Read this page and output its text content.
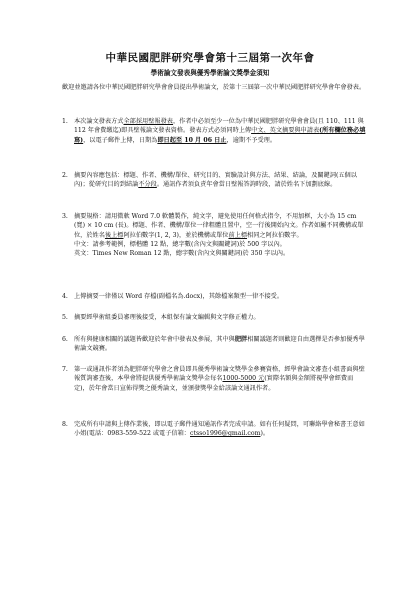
中華民國肥胖研究學會第十三屆第一次年會
學術論文發表與優秀學術論文獎學金須知
歡迎並邀請各位中華民國肥胖研究學會會員提出學術論文，於第十三屆第一次中華民國肥胖研究學會年會發表。
1. 本次論文發表方式全部採用壁報發表，作者中必須至少一位為中華民國肥胖研究學會會員(且 110、111 與 112 年會費繳迄)即具壁報論文發表資格。發表方式必須同時上傳中文、英文摘要與申請表(所有欄位務必填寫)，以電子郵件上傳，日期為即日起至 10 月 06 日止，逾期不予受理。
2. 摘要內容應包括：標題、作者、機構/單位、研究目的、實驗設計與方法、結果、結論，及關鍵詞(五個以內)；從研究目的到結論不分段。通訊作者須負責年會當日壁報答詢時段，請於姓名下加劃底線。
3. 摘要規格：請用微軟 Word 7.0 軟體製作，純文字，避免使用任何格式指令，不用加框，大小為 15 cm (寬) × 10 cm (長)。標題、作者、機構/單位一律粗體且置中，空一行後開始內文。作者如屬不同機構或單位，於姓名後上標阿拉伯數字(1, 2, 3)，並於機構或單位前上標相同之阿拉伯數字。
中文：請參考範例，標楷體 12 點，總字數(含內文與關鍵詞)於 500 字以內。
英文：Times New Roman 12 點，總字數(含內文與關鍵詞)於 350 字以內。
4. 上傳摘要一律僅以 Word 存檔(副檔名為.docx)，其餘檔案類型一律不接受。
5. 摘要經學術組委員審理後接受，本組保有論文編輯與文字修正權力。
6. 所有與健康相關的議題皆歡迎於年會中發表及參展，其中與肥胖相關議題者則歡迎自由選擇是否參加優秀學術論文競賽。
7. 第一或通訊作者須為肥胖研究學會之會員即具優秀學術論文獎學金參賽資格，經學會論文審查小組書面與壁報質詢審查後，本學會將提供優秀學術論文獎學金每名1000-5000 元(實際名額與金額將視學會經費而定)，於年會當日宣佈得獎之優秀論文，並頒發獎學金給該論文通訊作者。
8. 完成所有申請與上傳作業後，即以電子郵件通知通訊作者完成申請。如有任何疑問，可聯絡學會秘書王意如小姐(電話：0983-559-522 或電子信箱：ctsso1996@gmail.com)。
